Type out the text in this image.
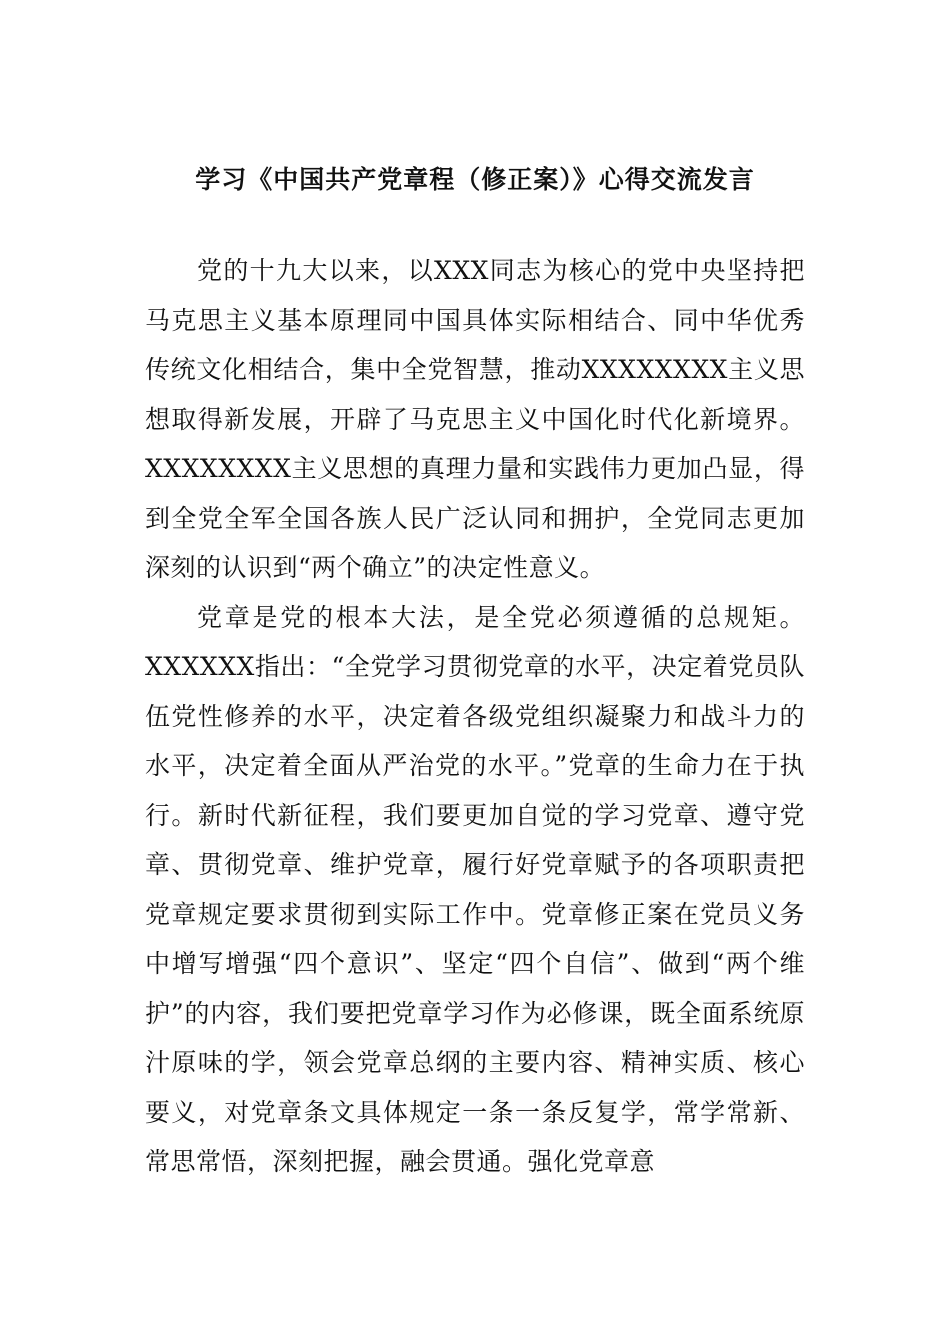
学习《中国共产党章程（修正案）》心得交流发言

党的十九大以来，以XXX同志为核心的党中央坚持把马克思主义基本原理同中国具体实际相结合、同中华优秀传统文化相结合，集中全党智慧，推动XXXXXXXX主义思想取得新发展，开辟了马克思主义中国化时代化新境界。XXXXXXXX主义思想的真理力量和实践伟力更加凸显，得到全党全军全国各族人民广泛认同和拥护，全党同志更加深刻的认识到“两个确立”的决定性意义。

党章是党的根本大法，是全党必须遵循的总规矩。XXXXXX指出：“全党学习贯彻党章的水平，决定着党员队伍党性修养的水平，决定着各级党组织凝聚力和战斗力的水平，决定着全面从严治党的水平。”党章的生命力在于执行。新时代新征程，我们要更加自觉的学习党章、遵守党章、贯彻党章、维护党章，履行好党章赋予的各项职责把党章规定要求贯彻到实际工作中。党章修正案在党员义务中增写增强“四个意识”、坚定“四个自信”、做到“两个维护”的内容，我们要把党章学习作为必修课，既全面系统原汁原味的学，领会党章总纲的主要内容、精神实质、核心要义，对党章条文具体规定一条一条反复学，常学常新、常思常悟，深刻把握，融会贯通。强化党章意
